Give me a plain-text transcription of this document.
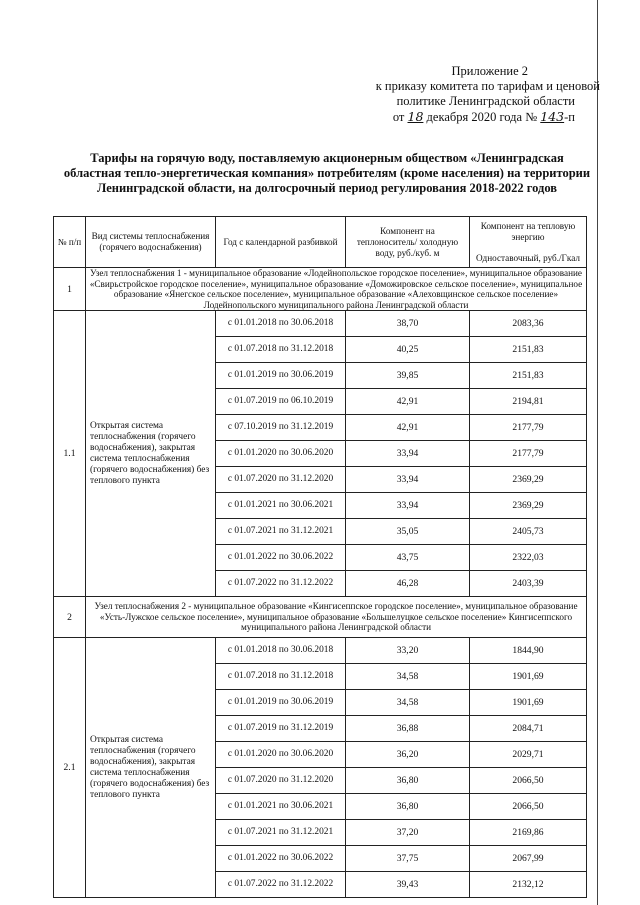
Приложение 2
к приказу комитета по тарифам и ценовой
политике Ленинградской области
от 18 декабря 2020 года № 143-п
Тарифы на горячую воду, поставляемую акционерным обществом «Ленинградская областная тепло-энергетическая компания» потребителям (кроме населения) на территории Ленинградской области, на долгосрочный период регулирования 2018-2022 годов
№ п/п	Вид системы теплоснабжения (горячего водоснабжения)	Год с календарной разбивкой	Компонент на теплоноситель/ холодную воду, руб./куб. м	Компонент на тепловую энергию
Одноставочный, руб./Гкал

1	Узел теплоснабжения 1 - муниципальное образование «Лодейнопольское городское поселение», муниципальное образование «Свирьстройское городское поселение», муниципальное образование «Доможировское сельское поселение», муниципальное образование «Янегское сельское поселение», муниципальное образование «Алеховщинское сельское поселение» Лодейнопольского муниципального района Ленинградской области			
1.1	Открытая система теплоснабжения (горячего водоснабжения), закрытая система теплоснабжения (горячего водоснабжения) без теплового пункта	с 01.01.2018 по 30.06.2018	38,70	2083,36
		с 01.07.2018 по 31.12.2018	40,25	2151,83
		с 01.01.2019 по 30.06.2019	39,85	2151,83
		с 01.07.2019 по 06.10.2019	42,91	2194,81
		с 07.10.2019 по 31.12.2019	42,91	2177,79
		с 01.01.2020 по 30.06.2020	33,94	2177,79
		с 01.07.2020 по 31.12.2020	33,94	2369,29
		с 01.01.2021 по 30.06.2021	33,94	2369,29
		с 01.07.2021 по 31.12.2021	35,05	2405,73
		с 01.01.2022 по 30.06.2022	43,75	2322,03
		с 01.07.2022 по 31.12.2022	46,28	2403,39
2	Узел теплоснабжения 2 - муниципальное образование «Кингисеппское городское поселение», муниципальное образование «Усть-Лужское сельское поселение», муниципальное образование «Большелуцкое сельское поселение» Кингисеппского муниципального района Ленинградской области			
2.1	Открытая система теплоснабжения (горячего водоснабжения), закрытая система теплоснабжения (горячего водоснабжения) без теплового пункта	с 01.01.2018 по 30.06.2018	33,20	1844,90
		с 01.07.2018 по 31.12.2018	34,58	1901,69
		с 01.01.2019 по 30.06.2019	34,58	1901,69
		с 01.07.2019 по 31.12.2019	36,88	2084,71
		с 01.01.2020 по 30.06.2020	36,20	2029,71
		с 01.07.2020 по 31.12.2020	36,80	2066,50
		с 01.01.2021 по 30.06.2021	36,80	2066,50
		с 01.07.2021 по 31.12.2021	37,20	2169,86
		с 01.01.2022 по 30.06.2022	37,75	2067,99
		с 01.07.2022 по 31.12.2022	39,43	2132,12
